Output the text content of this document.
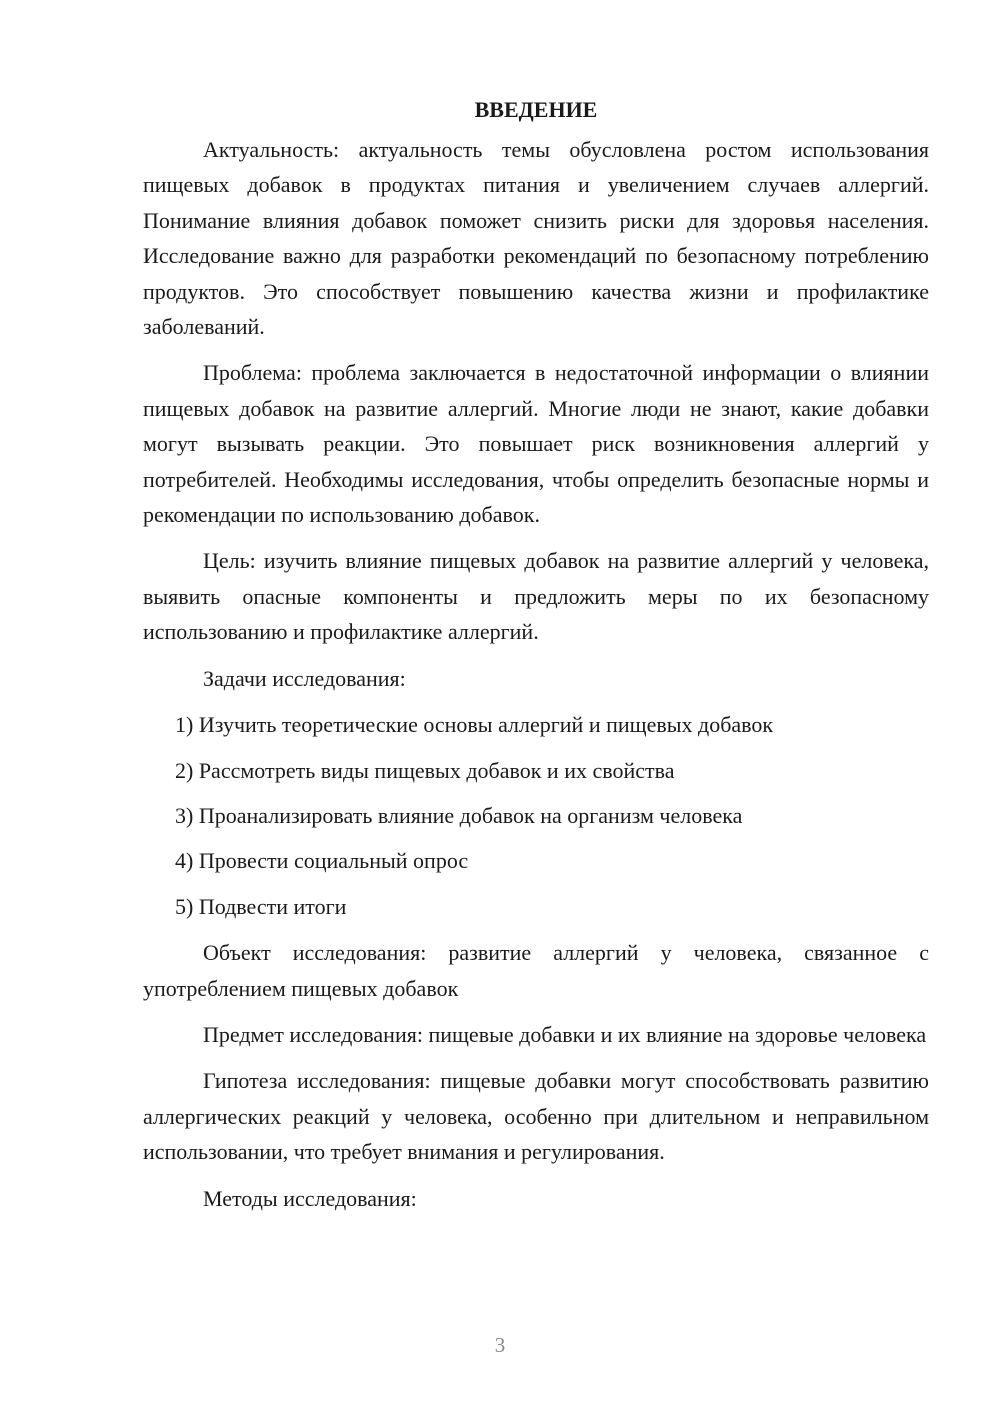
ВВЕДЕНИЕ

Актуальность: актуальность темы обусловлена ростом использования пищевых добавок в продуктах питания и увеличением случаев аллергий. Понимание влияния добавок поможет снизить риски для здоровья населения. Исследование важно для разработки рекомендаций по безопасному потреблению продуктов. Это способствует повышению качества жизни и профилактике заболеваний.

Проблема: проблема заключается в недостаточной информации о влиянии пищевых добавок на развитие аллергий. Многие люди не знают, какие добавки могут вызывать реакции. Это повышает риск возникновения аллергий у потребителей. Необходимы исследования, чтобы определить безопасные нормы и рекомендации по использованию добавок.

Цель: изучить влияние пищевых добавок на развитие аллергий у человека, выявить опасные компоненты и предложить меры по их безопасному использованию и профилактике аллергий.

Задачи исследования:

1) Изучить теоретические основы аллергий и пищевых добавок
2) Рассмотреть виды пищевых добавок и их свойства
3) Проанализировать влияние добавок на организм человека
4) Провести социальный опрос
5) Подвести итоги

Объект исследования: развитие аллергий у человека, связанное с употреблением пищевых добавок

Предмет исследования: пищевые добавки и их влияние на здоровье человека

Гипотеза исследования: пищевые добавки могут способствовать развитию аллергических реакций у человека, особенно при длительном и неправильном использовании, что требует внимания и регулирования.

Методы исследования:

3
